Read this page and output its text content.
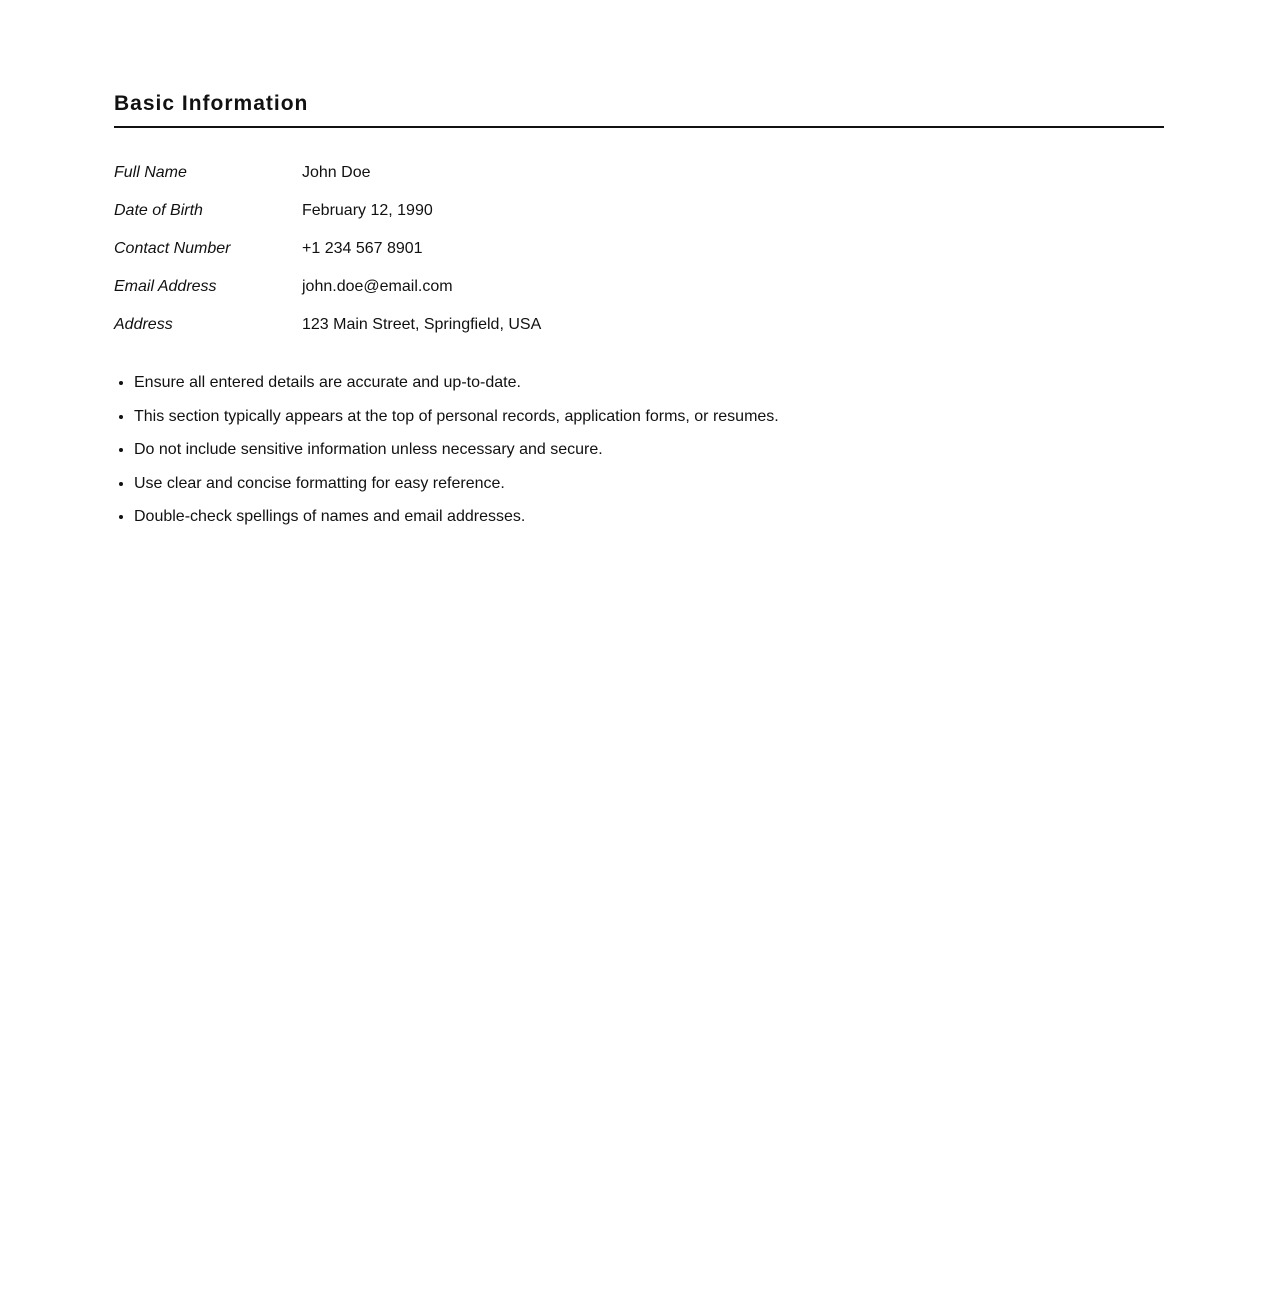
Basic Information
Full Name	John Doe
Date of Birth	February 12, 1990
Contact Number	+1 234 567 8901
Email Address	john.doe@email.com
Address	123 Main Street, Springfield, USA
• Ensure all entered details are accurate and up-to-date.
• This section typically appears at the top of personal records, application forms, or resumes.
• Do not include sensitive information unless necessary and secure.
• Use clear and concise formatting for easy reference.
• Double-check spellings of names and email addresses.
